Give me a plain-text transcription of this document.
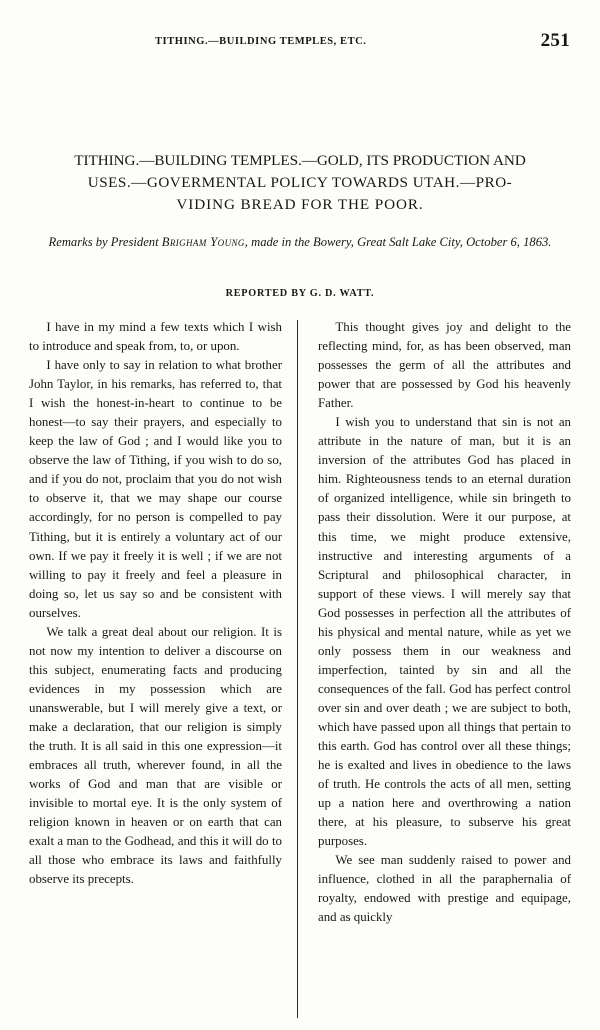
TITHING.—BUILDING TEMPLES, ETC.	251
TITHING.—BUILDING TEMPLES.—GOLD, ITS PRODUCTION AND
USES.—GOVERMENTAL POLICY TOWARDS UTAH.—PRO-
VIDING BREAD FOR THE POOR.
Remarks by President Brigham Young, made in the Bowery, Great Salt Lake City, October 6, 1863.
REPORTED BY G. D. WATT.

I have in my mind a few texts which I wish to introduce and speak from, to, or upon.

I have only to say in relation to what brother John Taylor, in his remarks, has referred to, that I wish the honest-in-heart to continue to be honest—to say their prayers, and especially to keep the law of God ; and I would like you to observe the law of Tithing, if you wish to do so, and if you do not, proclaim that you do not wish to observe it, that we may shape our course accordingly, for no person is compelled to pay Tithing, but it is entirely a voluntary act of our own. If we pay it freely it is well ; if we are not willing to pay it freely and feel a pleasure in doing so, let us say so and be consistent with ourselves.

We talk a great deal about our religion. It is not now my intention to deliver a discourse on this subject, enumerating facts and producing evidences in my possession which are unanswerable, but I will merely give a text, or make a declaration, that our religion is simply the truth. It is all said in this one expression—it embraces all truth, wherever found, in all the works of God and man that are visible or invisible to mortal eye. It is the only system of religion known in heaven or on earth that can exalt a man to the Godhead, and this it will do to all those who embrace its laws and faithfully observe its precepts.

This thought gives joy and delight to the reflecting mind, for, as has been observed, man possesses the germ of all the attributes and power that are possessed by God his heavenly Father.

I wish you to understand that sin is not an attribute in the nature of man, but it is an inversion of the attributes God has placed in him. Righteousness tends to an eternal duration of organized intelligence, while sin bringeth to pass their dissolution. Were it our purpose, at this time, we might produce extensive, instructive and interesting arguments of a Scriptural and philosophical character, in support of these views. I will merely say that God possesses in perfection all the attributes of his physical and mental nature, while as yet we only possess them in our weakness and imperfection, tainted by sin and all the consequences of the fall. God has perfect control over sin and over death ; we are subject to both, which have passed upon all things that pertain to this earth. God has control over all these things; he is exalted and lives in obedience to the laws of truth. He controls the acts of all men, setting up a nation here and overthrowing a nation there, at his pleasure, to subserve his great purposes.

We see man suddenly raised to power and influence, clothed in all the paraphernalia of royalty, endowed with prestige and equipage, and as quickly
